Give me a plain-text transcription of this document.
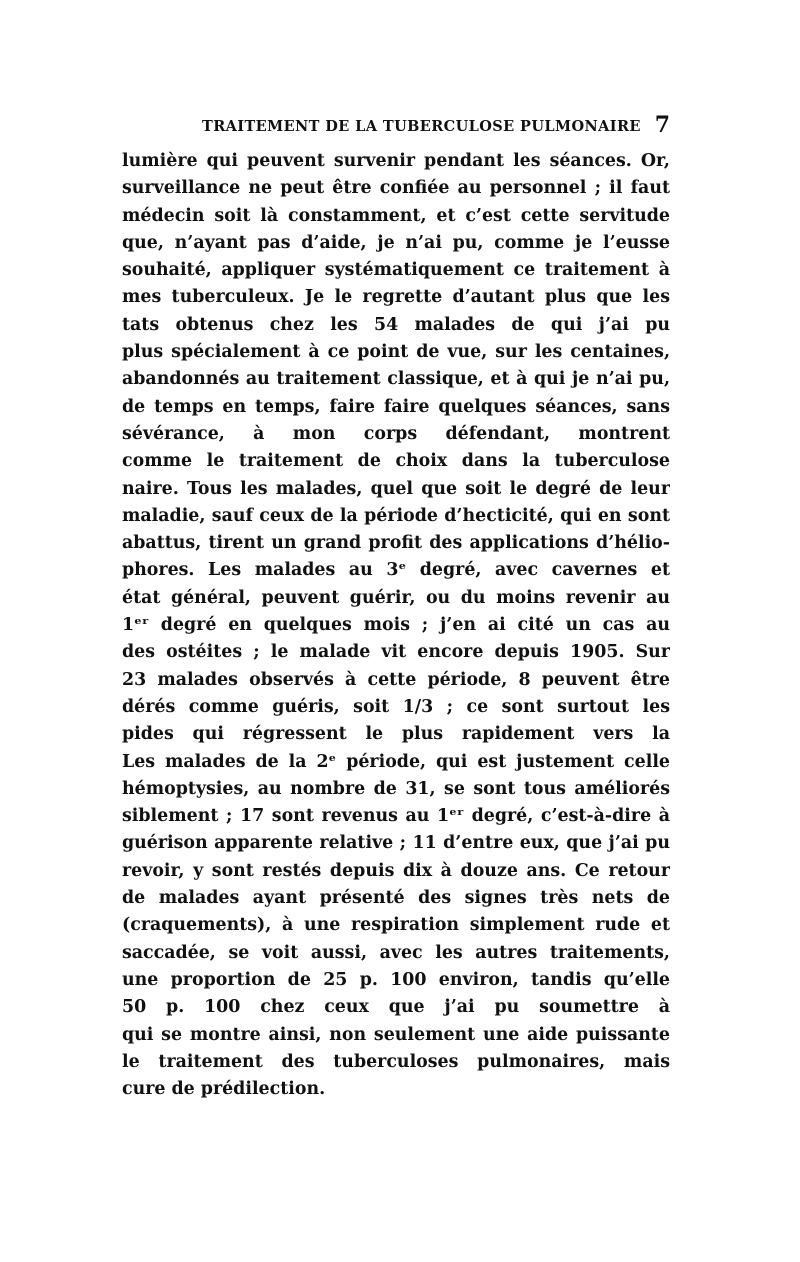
TRAITEMENT DE LA TUBERCULOSE PULMONAIRE 7
lumière qui peuvent survenir pendant les séances. Or,
surveillance ne peut être confiée au personnel ; il faut
médecin soit là constamment, et c’est cette servitude
que, n’ayant pas d’aide, je n’ai pu, comme je l’eusse
souhaité, appliquer systématiquement ce traitement à
mes tuberculeux. Je le regrette d’autant plus que les
tats obtenus chez les 54 malades de qui j’ai pu
plus spécialement à ce point de vue, sur les centaines,
abandonnés au traitement classique, et à qui je n’ai pu,
de temps en temps, faire faire quelques séances, sans
sévérance, à mon corps défendant, montrent
comme le traitement de choix dans la tuberculose
naire. Tous les malades, quel que soit le degré de leur
maladie, sauf ceux de la période d’hecticité, qui en sont
abattus, tirent un grand profit des applications d’hélio-
phores. Les malades au 3ᵉ degré, avec cavernes et
état général, peuvent guérir, ou du moins revenir au
1ᵉʳ degré en quelques mois ; j’en ai cité un cas au
des ostéites ; le malade vit encore depuis 1905. Sur
23 malades observés à cette période, 8 peuvent être
dérés comme guéris, soit 1/3 ; ce sont surtout les
pides qui régressent le plus rapidement vers la
Les malades de la 2ᵉ période, qui est justement celle
hémoptysies, au nombre de 31, se sont tous améliorés
siblement ; 17 sont revenus au 1ᵉʳ degré, c’est-à-dire à
guérison apparente relative ; 11 d’entre eux, que j’ai pu
revoir, y sont restés depuis dix à douze ans. Ce retour
de malades ayant présenté des signes très nets de
(craquements), à une respiration simplement rude et
saccadée, se voit aussi, avec les autres traitements,
une proportion de 25 p. 100 environ, tandis qu’elle
50 p. 100 chez ceux que j’ai pu soumettre à
qui se montre ainsi, non seulement une aide puissante
le traitement des tuberculoses pulmonaires, mais
cure de prédilection.
